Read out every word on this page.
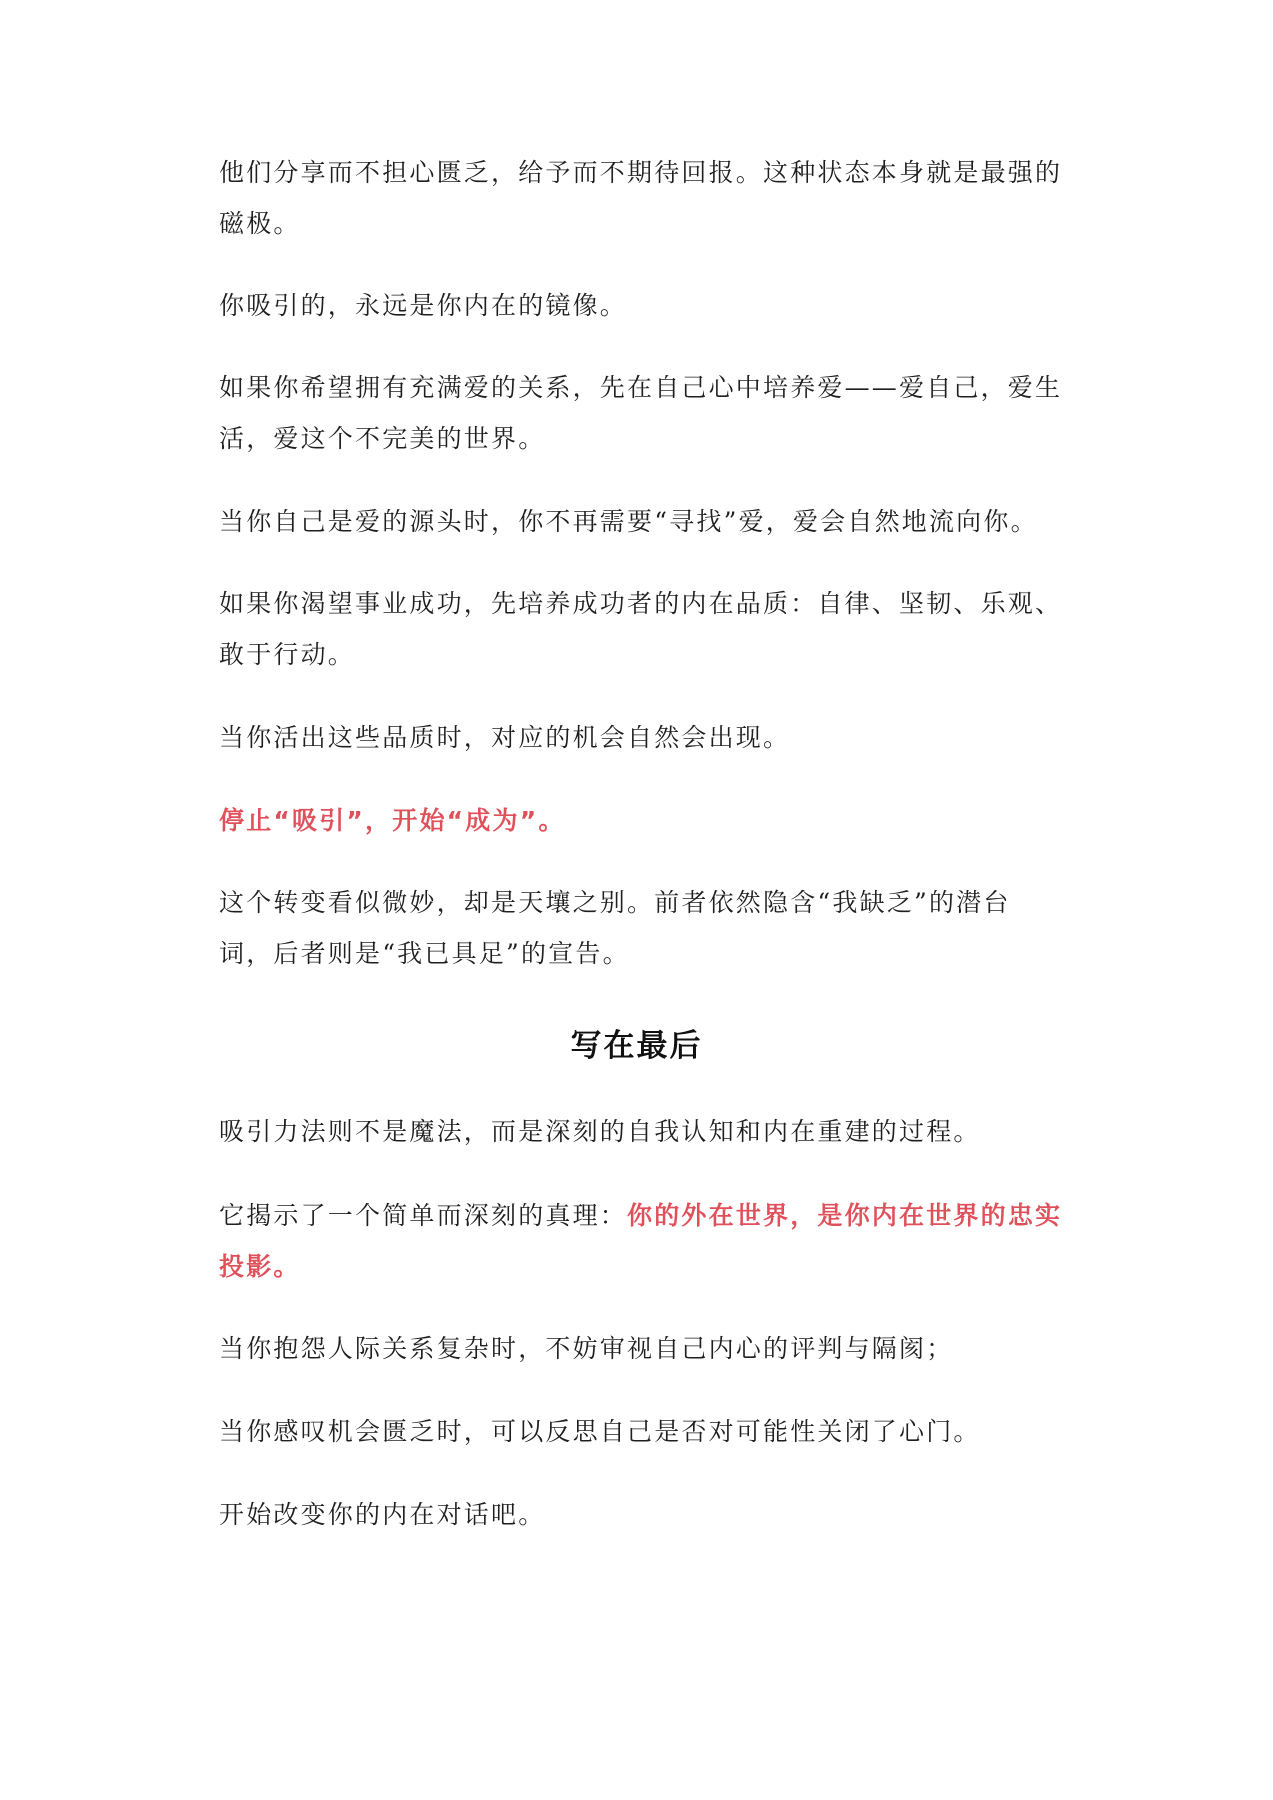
他们分享而不担心匮乏，给予而不期待回报。这种状态本身就是最强的磁极。

你吸引的，永远是你内在的镜像。

如果你希望拥有充满爱的关系，先在自己心中培养爱——爱自己，爱生活，爱这个不完美的世界。

当你自己是爱的源头时，你不再需要“寻找”爱，爱会自然地流向你。

如果你渴望事业成功，先培养成功者的内在品质：自律、坚韧、乐观、敢于行动。

当你活出这些品质时，对应的机会自然会出现。

停止“吸引”，开始“成为”。

这个转变看似微妙，却是天壤之别。前者依然隐含“我缺乏”的潜台词，后者则是“我已具足”的宣告。

写在最后

吸引力法则不是魔法，而是深刻的自我认知和内在重建的过程。

它揭示了一个简单而深刻的真理：你的外在世界，是你内在世界的忠实投影。

当你抱怨人际关系复杂时，不妨审视自己内心的评判与隔阂；

当你感叹机会匮乏时，可以反思自己是否对可能性关闭了心门。

开始改变你的内在对话吧。
